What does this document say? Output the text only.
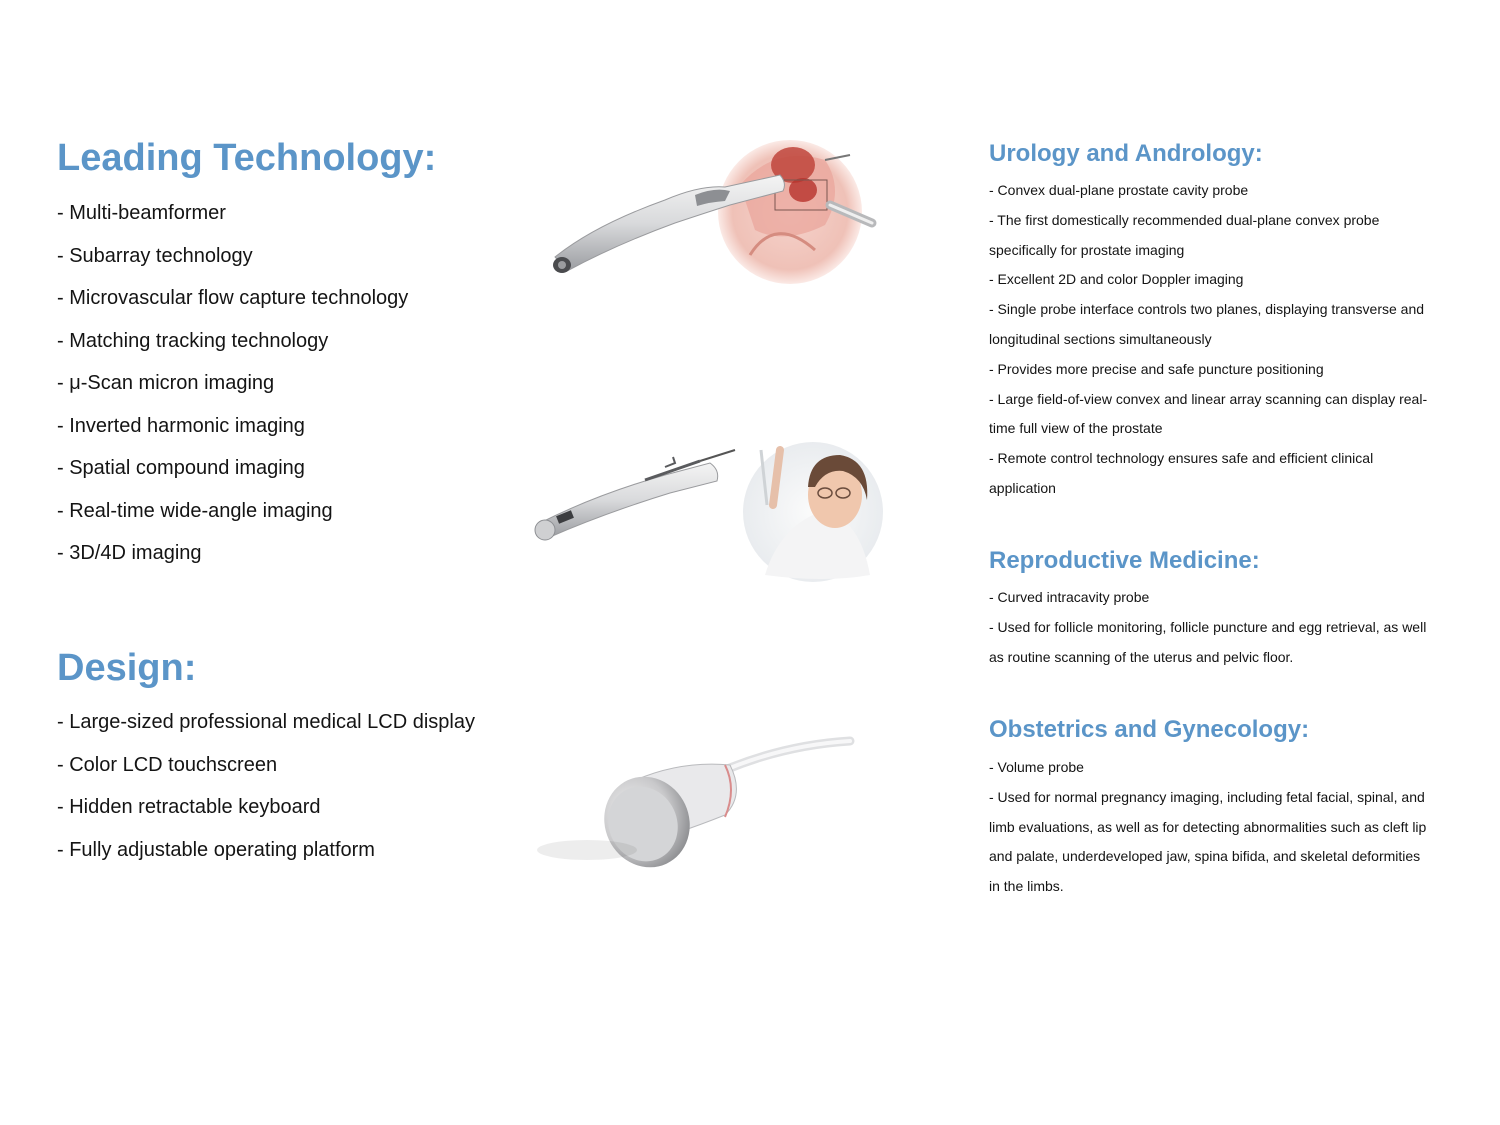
Leading Technology:
- Multi-beamformer
- Subarray technology
- Microvascular flow capture technology
- Matching tracking technology
- μ-Scan micron imaging
- Inverted harmonic imaging
- Spatial compound imaging
- Real-time wide-angle imaging
- 3D/4D imaging
Design:
- Large-sized professional medical LCD display
- Color LCD touchscreen
- Hidden retractable keyboard
- Fully adjustable operating platform
Urology and Andrology:

- Convex dual-plane prostate cavity probe

- The first domestically recommended dual-plane convex probe specifically for prostate imaging

- Excellent 2D and color Doppler imaging

- Single probe interface controls two planes, displaying transverse and longitudinal sections simultaneously

- Provides more precise and safe puncture positioning

- Large field-of-view convex and linear array scanning can display real-time full view of the prostate

- Remote control technology ensures safe and efficient clinical application

Reproductive Medicine:

- Curved intracavity probe

- Used for follicle monitoring, follicle puncture and egg retrieval, as well as routine scanning of the uterus and pelvic floor.

Obstetrics and Gynecology:

- Volume probe

- Used for normal pregnancy imaging, including fetal facial, spinal, and limb evaluations, as well as for detecting abnormalities such as cleft lip and palate, underdeveloped jaw, spina bifida, and skeletal deformities in the limbs.
